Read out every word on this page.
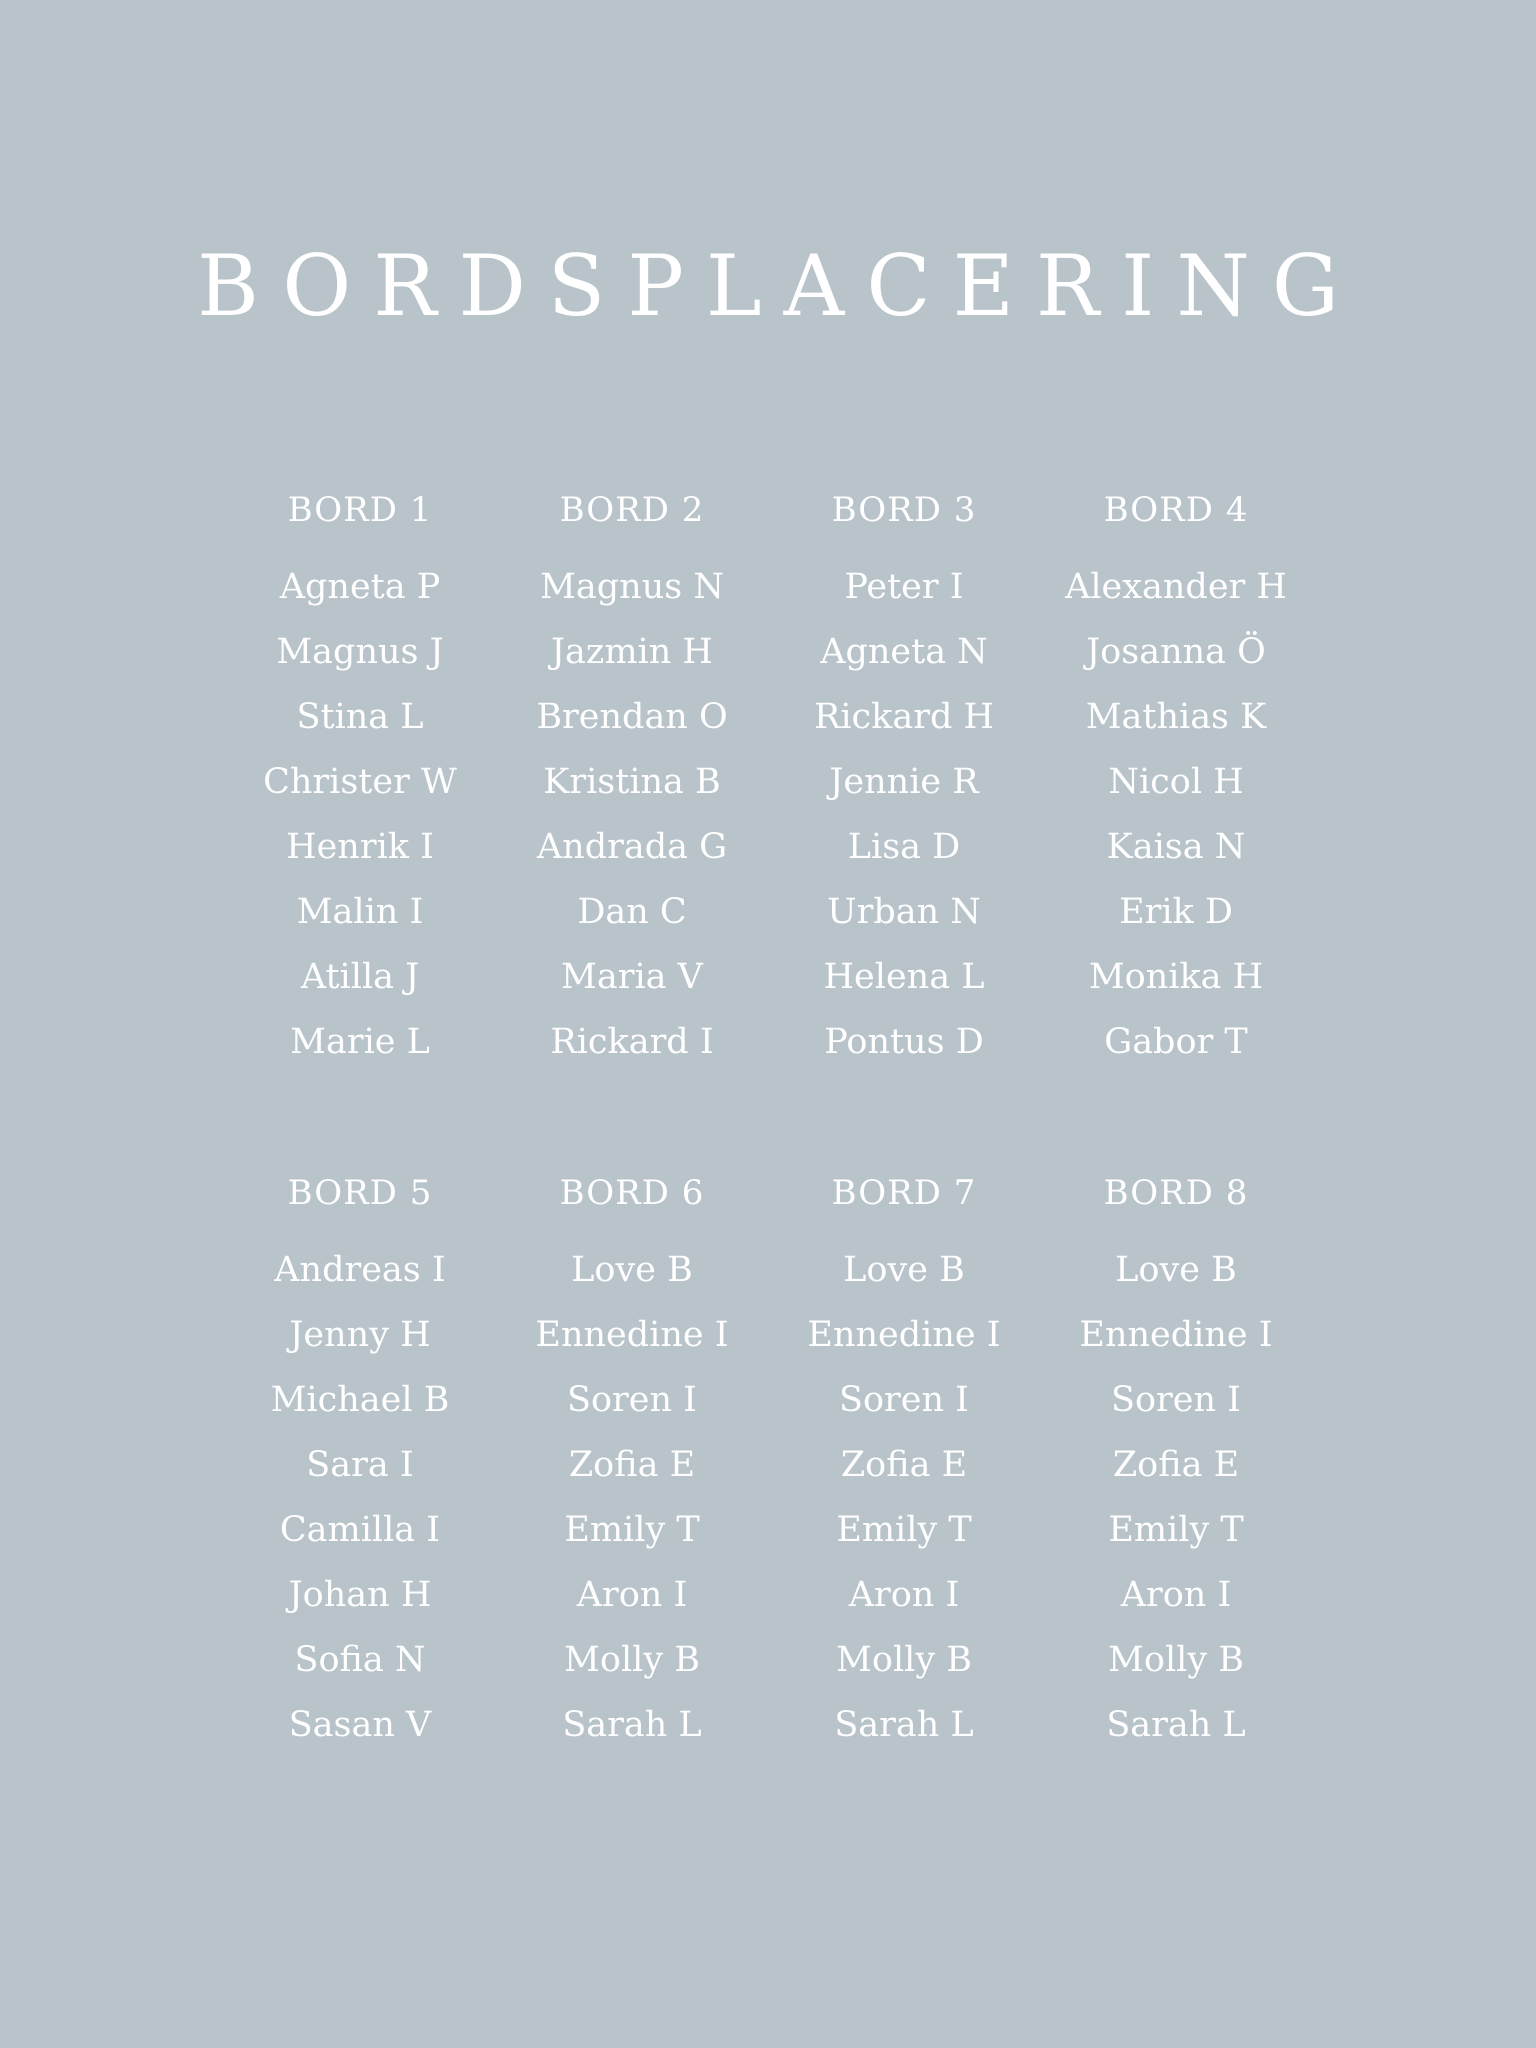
BORDSPLACERING
BORD 1
Agneta P
Magnus J
Stina L
Christer W
Henrik I
Malin I
Atilla J
Marie L
BORD 2
Magnus N
Jazmin H
Brendan O
Kristina B
Andrada G
Dan C
Maria V
Rickard I
BORD 3
Peter I
Agneta N
Rickard H
Jennie R
Lisa D
Urban N
Helena L
Pontus D
BORD 4
Alexander H
Josanna Ö
Mathias K
Nicol H
Kaisa N
Erik D
Monika H
Gabor T
BORD 5
Andreas I
Jenny H
Michael B
Sara I
Camilla I
Johan H
Sofia N
Sasan V
BORD 6
Love B
Ennedine I
Soren I
Zofia E
Emily T
Aron I
Molly B
Sarah L
BORD 7
Love B
Ennedine I
Soren I
Zofia E
Emily T
Aron I
Molly B
Sarah L
BORD 8
Love B
Ennedine I
Soren I
Zofia E
Emily T
Aron I
Molly B
Sarah L
